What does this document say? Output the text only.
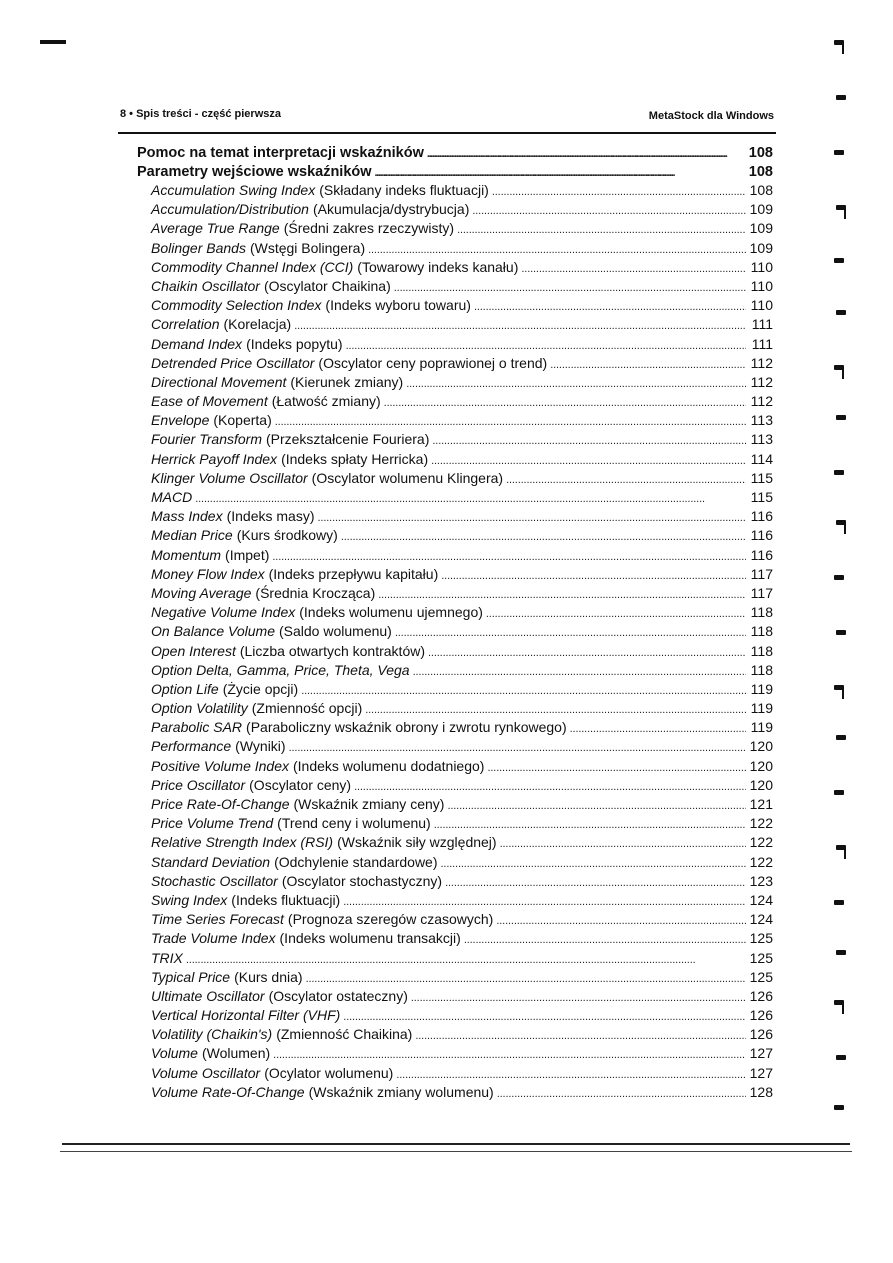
8 • Spis treści - część pierwsza	MetaStock dla Windows
Pomoc na temat interpretacji wskaźników . . .	108
Parametry wejściowe wskaźników . . .	108
Accumulation Swing Index (Składany indeks fluktuacji) . . .	108
Accumulation/Distribution (Akumulacja/dystrybucja) . . .	109
Average True Range (Średni zakres rzeczywisty) . . .	109
Bolinger Bands (Wstęgi Bolingera) . . .	109
Commodity Channel Index (CCI) (Towarowy indeks kanału) . . .	110
Chaikin Oscillator (Oscylator Chaikina) . . .	110
Commodity Selection Index (Indeks wyboru towaru) . . .	110
Correlation (Korelacja) . . .	111
Demand Index (Indeks popytu) . . .	111
Detrended Price Oscillator (Oscylator ceny poprawionej o trend) . . .	112
Directional Movement (Kierunek zmiany) . . .	112
Ease of Movement (Łatwość zmiany) . . .	112
Envelope (Koperta) . . .	113
Fourier Transform (Przekształcenie Fouriera) . . .	113
Herrick Payoff Index (Indeks spłaty Herricka) . . .	114
Klinger Volume Oscillator (Oscylator wolumenu Klingera) . . .	115
MACD . . .	115
Mass Index (Indeks masy) . . .	116
Median Price (Kurs środkowy) . . .	116
Momentum (Impet) . . .	116
Money Flow Index (Indeks przepływu kapitału) . . .	117
Moving Average (Średnia Krocząca) . . .	117
Negative Volume Index (Indeks wolumenu ujemnego) . . .	118
On Balance Volume (Saldo wolumenu) . . .	118
Open Interest (Liczba otwartych kontraktów) . . .	118
Option Delta, Gamma, Price, Theta, Vega . . .	118
Option Life (Życie opcji) . . .	119
Option Volatility (Zmienność opcji) . . .	119
Parabolic SAR (Paraboliczny wskaźnik obrony i zwrotu rynkowego) . . .	119
Performance (Wyniki) . . .	120
Positive Volume Index (Indeks wolumenu dodatniego) . . .	120
Price Oscillator (Oscylator ceny) . . .	120
Price Rate-Of-Change (Wskaźnik zmiany ceny) . . .	121
Price Volume Trend (Trend ceny i wolumenu) . . .	122
Relative Strength Index (RSI) (Wskaźnik siły względnej) . . .	122
Standard Deviation (Odchylenie standardowe) . . .	122
Stochastic Oscillator (Oscylator stochastyczny) . . .	123
Swing Index (Indeks fluktuacji) . . .	124
Time Series Forecast (Prognoza szeregów czasowych) . . .	124
Trade Volume Index (Indeks wolumenu transakcji) . . .	125
TRIX . . .	125
Typical Price (Kurs dnia) . . .	125
Ultimate Oscillator (Oscylator ostateczny) . . .	126
Vertical Horizontal Filter (VHF) . . .	126
Volatility (Chaikin's) (Zmienność Chaikina) . . .	126
Volume (Wolumen) . . .	127
Volume Oscillator (Ocylator wolumenu) . . .	127
Volume Rate-Of-Change (Wskaźnik zmiany wolumenu) . . .	128
